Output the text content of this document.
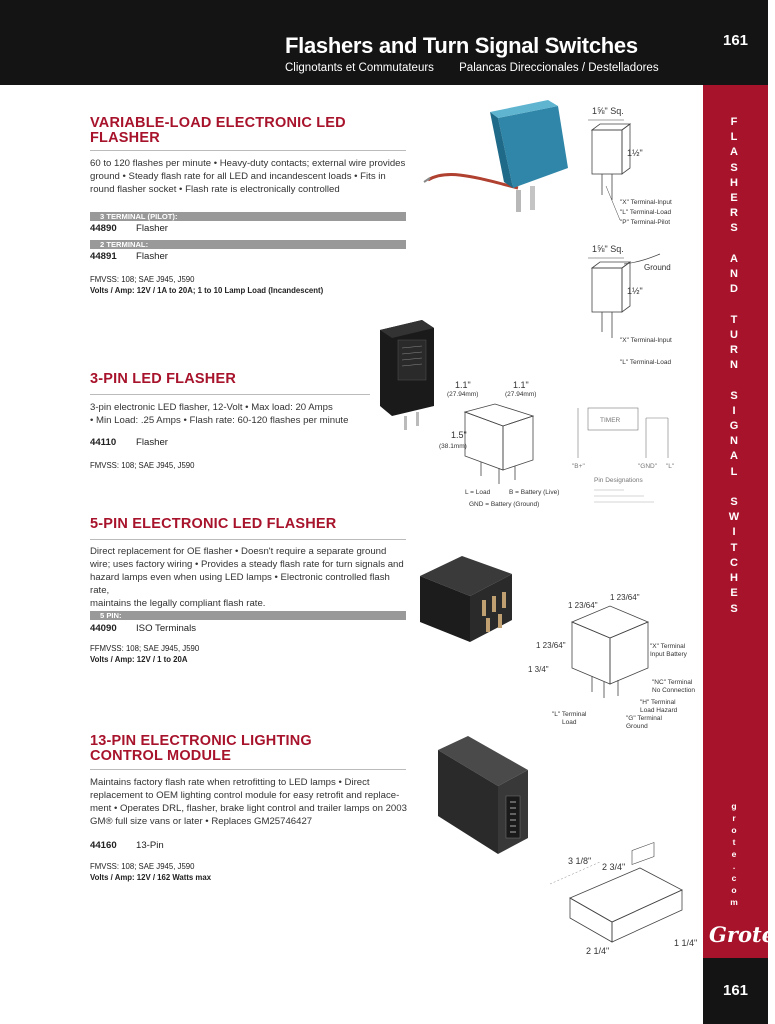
Flashers and Turn Signal Switches
Clignotants et Commutateurs Palancas Direccionales / Destelladores
161
F
L
A
S
H
E
R
S

A
N
D

T
U
R
N

S
I
G
N
A
L

S
W
I
T
C
H
E
S
g
r
o
t
e
.
c
o
m
Grote
161
VARIABLE-LOAD ELECTRONIC LED
FLASHER
60 to 120 flashes per minute • Heavy-duty contacts; external wire provides
ground • Steady flash rate for all LED and incandescent loads • Fits in
round flasher socket • Flash rate is electronically controlled
3 TERMINAL (PILOT):
44890 Flasher
2 TERMINAL:
44891 Flasher
FMVSS: 108; SAE J945, J590
Volts / Amp: 12V / 1A to 20A; 1 to 10 Lamp Load (Incandescent)
1⅝" Sq.
1½"
"X" Terminal-Input
"L" Terminal-Load
"P" Terminal-Pilot
1⅝" Sq.
Ground
1½"
"X" Terminal-Input
"L" Terminal-Load
3-PIN LED FLASHER
3-pin electronic LED flasher, 12-Volt • Max load: 20 Amps
• Min Load: .25 Amps • Flash rate: 60-120 flashes per minute
44110 Flasher
FMVSS: 108; SAE J945, J590
1.1"
(27.94mm)
1.1"
(27.94mm)
1.5"
(38.1mm)
L = Load	B = Battery (Live)
GND = Battery (Ground)
TIMER
"B+"	"GND" "L"
Pin Designations
5-PIN ELECTRONIC LED FLASHER
Direct replacement for OE flasher • Doesn't require a separate ground
wire; uses factory wiring • Provides a steady flash rate for turn signals and
hazard lamps even when using LED lamps • Electronic controlled flash rate,
maintains the legally compliant flash rate.
5 PIN:
44090 ISO Terminals
FFMVSS: 108; SAE J945, J590
Volts / Amp: 12V / 1 to 20A
1 23/64"
1 23/64"
1 23/64"
1 3/4"
"X" Terminal Input Battery
"NC" Terminal No Connection
"H" Terminal Load Hazard
"G" Terminal Ground
"L" Terminal Load
13-PIN ELECTRONIC LIGHTING
CONTROL MODULE
Maintains factory flash rate when retrofitting to LED lamps • Direct
replacement to OEM lighting control module for easy retrofit and replace-
ment • Operates DRL, flasher, brake light control and trailer lamps on 2003
GM® full size vans or later • Replaces GM25746427
44160 13-Pin
FMVSS: 108; SAE J945, J590
Volts / Amp: 12V / 162 Watts max
3 1/8"
2 3/4"
2 1/4"
1 1/4"
